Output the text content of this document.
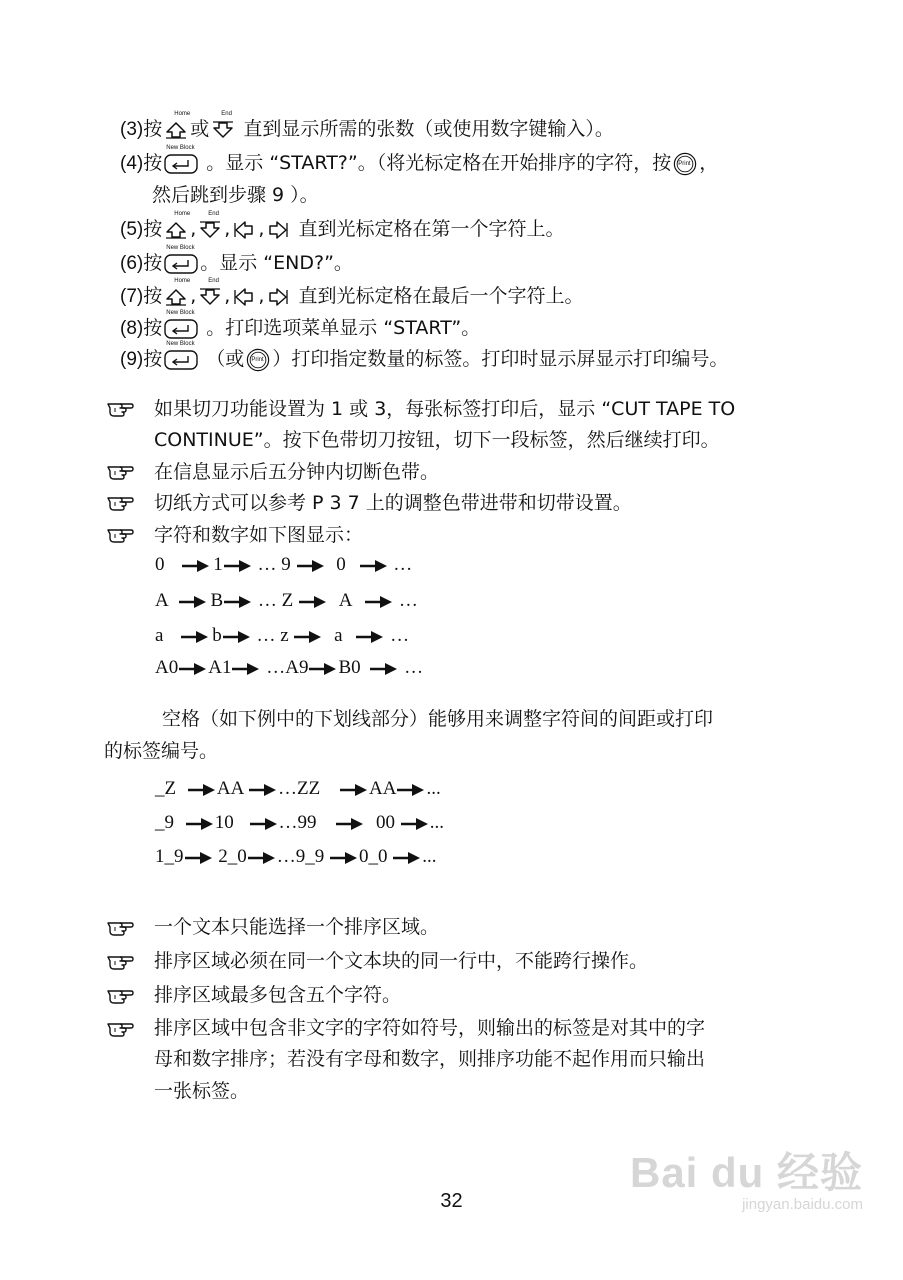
(3)按
Home
或
End
直到显示所需的张数（或使用数字键输入）。
(4)按
New Block
。显示 “START?”。（将光标定格在开始排序的字符，按 Print ，
然后跳到步骤 9 ）。
(5)按
Home
,
End
, , 直到光标定格在第一个字符上。
(6)按
New Block
。显示 “END?”。
(7)按
Home
,
End
, , 直到光标定格在最后一个字符上。
(8)按
New Block
。打印选项菜单显示 “START”。
(9)按
New Block
（或 Print ）打印指定数量的标签。打印时显示屏显示打印编号。
如果切刀功能设置为 1 或 3，每张标签打印后，显示 “CUT TAPE TO
CONTINUE”。按下色带切刀按钮，切下一段标签，然后继续打印。
在信息显示后五分钟内切断色带。
切纸方式可以参考 P 3 7 上的调整色带进带和切带设置。
字符和数字如下图显示：
0	1 … 9 0	…
A B … Z A	…
a	b … z a	…
A0 A1 …A9 B0 …
空格（如下例中的下划线部分）能够用来调整字符间的间距或打印
的标签编号。
_Z AA …ZZ	AA ...
_9 10 …99	00 ...
1_9 2_0 …9_9 0_0 ...
一个文本只能选择一个排序区域。
排序区域必须在同一个文本块的同一行中，不能跨行操作。
排序区域最多包含五个字符。
排序区域中包含非文字的字符如符号，则输出的标签是对其中的字
母和数字排序；若没有字母和数字，则排序功能不起作用而只输出
一张标签。
32
Bai du 经验
jingyan.baidu.com
